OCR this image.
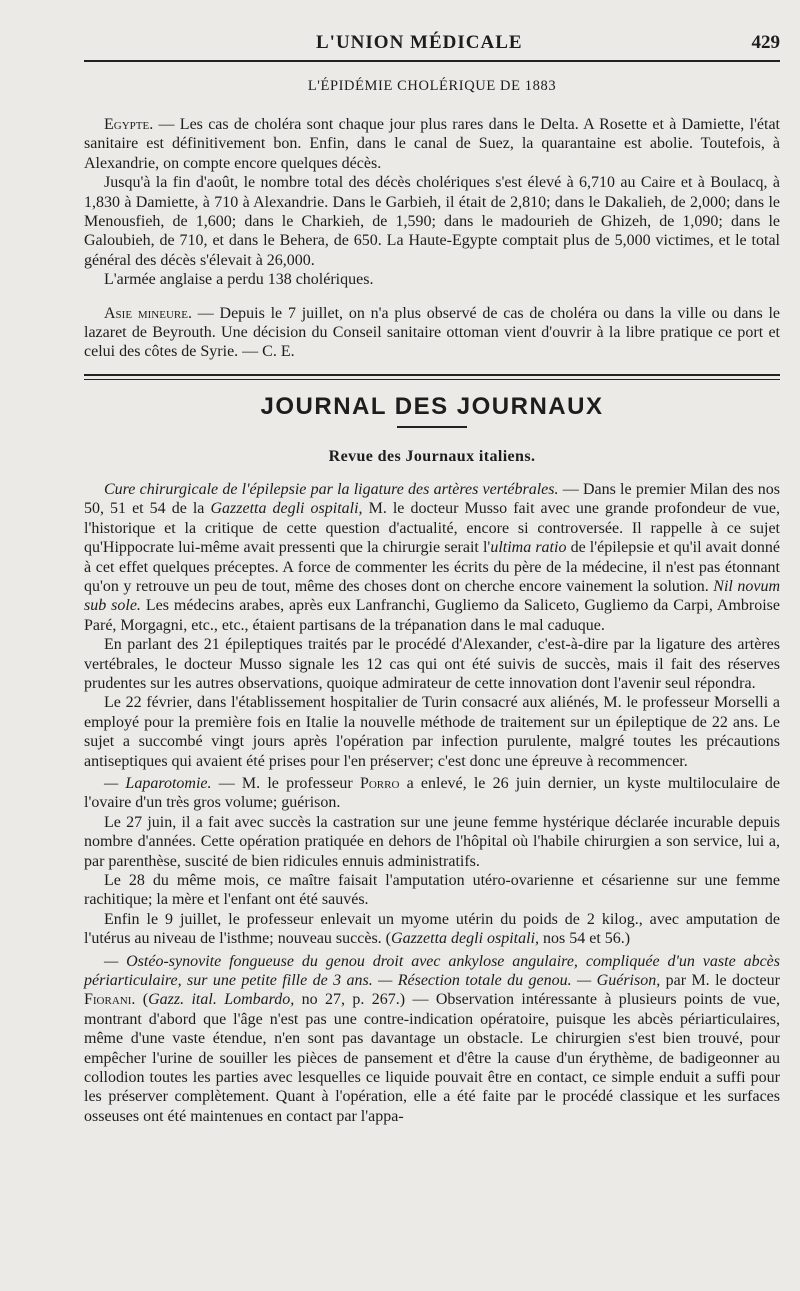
L'UNION MÉDICALE	429
L'ÉPIDÉMIE CHOLÉRIQUE DE 1883

Egypte. — Les cas de choléra sont chaque jour plus rares dans le Delta. A Rosette et à Damiette, l'état sanitaire est définitivement bon. Enfin, dans le canal de Suez, la quarantaine est abolie. Toutefois, à Alexandrie, on compte encore quelques décès.

Jusqu'à la fin d'août, le nombre total des décès cholériques s'est élevé à 6,710 au Caire et à Boulacq, à 1,830 à Damiette, à 710 à Alexandrie. Dans le Garbieh, il était de 2,810; dans le Dakalieh, de 2,000; dans le Menousfieh, de 1,600; dans le Charkieh, de 1,590; dans le madourieh de Ghizeh, de 1,090; dans le Galoubieh, de 710, et dans le Behera, de 650. La Haute-Egypte comptait plus de 5,000 victimes, et le total général des décès s'élevait à 26,000.

L'armée anglaise a perdu 138 cholériques.

Asie mineure. — Depuis le 7 juillet, on n'a plus observé de cas de choléra ou dans la ville ou dans le lazaret de Beyrouth. Une décision du Conseil sanitaire ottoman vient d'ouvrir à la libre pratique ce port et celui des côtes de Syrie. — C. E.

JOURNAL DES JOURNAUX
Revue des Journaux italiens.

Cure chirurgicale de l'épilepsie par la ligature des artères vertébrales. — Dans le premier Milan des nos 50, 51 et 54 de la Gazzetta degli ospitali, M. le docteur Musso fait avec une grande profondeur de vue, l'historique et la critique de cette question d'actualité, encore si controversée. Il rappelle à ce sujet qu'Hippocrate lui-même avait pressenti que la chirurgie serait l'ultima ratio de l'épilepsie et qu'il avait donné à cet effet quelques préceptes. A force de commenter les écrits du père de la médecine, il n'est pas étonnant qu'on y retrouve un peu de tout, même des choses dont on cherche encore vainement la solution. Nil novum sub sole. Les médecins arabes, après eux Lanfranchi, Gugliemo da Saliceto, Gugliemo da Carpi, Ambroise Paré, Morgagni, etc., etc., étaient partisans de la trépanation dans le mal caduque.

En parlant des 21 épileptiques traités par le procédé d'Alexander, c'est-à-dire par la ligature des artères vertébrales, le docteur Musso signale les 12 cas qui ont été suivis de succès, mais il fait des réserves prudentes sur les autres observations, quoique admirateur de cette innovation dont l'avenir seul répondra.

Le 22 février, dans l'établissement hospitalier de Turin consacré aux aliénés, M. le professeur Morselli a employé pour la première fois en Italie la nouvelle méthode de traitement sur un épileptique de 22 ans. Le sujet a succombé vingt jours après l'opération par infection purulente, malgré toutes les précautions antiseptiques qui avaient été prises pour l'en préserver; c'est donc une épreuve à recommencer.

— Laparotomie. — M. le professeur Porro a enlevé, le 26 juin dernier, un kyste multiloculaire de l'ovaire d'un très gros volume; guérison.

Le 27 juin, il a fait avec succès la castration sur une jeune femme hystérique déclarée incurable depuis nombre d'années. Cette opération pratiquée en dehors de l'hôpital où l'habile chirurgien a son service, lui a, par parenthèse, suscité de bien ridicules ennuis administratifs.

Le 28 du même mois, ce maître faisait l'amputation utéro-ovarienne et césarienne sur une femme rachitique; la mère et l'enfant ont été sauvés.

Enfin le 9 juillet, le professeur enlevait un myome utérin du poids de 2 kilog., avec amputation de l'utérus au niveau de l'isthme; nouveau succès. (Gazzetta degli ospitali, nos 54 et 56.)

— Ostéo-synovite fongueuse du genou droit avec ankylose angulaire, compliquée d'un vaste abcès périarticulaire, sur une petite fille de 3 ans. — Résection totale du genou. — Guérison, par M. le docteur Fiorani. (Gazz. ital. Lombardo, no 27, p. 267.) — Observation intéressante à plusieurs points de vue, montrant d'abord que l'âge n'est pas une contre-indication opératoire, puisque les abcès périarticulaires, même d'une vaste étendue, n'en sont pas davantage un obstacle. Le chirurgien s'est bien trouvé, pour empêcher l'urine de souiller les pièces de pansement et d'être la cause d'un érythème, de badigeonner au collodion toutes les parties avec lesquelles ce liquide pouvait être en contact, ce simple enduit a suffi pour les préserver complètement. Quant à l'opération, elle a été faite par le procédé classique et les surfaces osseuses ont été maintenues en contact par l'appa-
